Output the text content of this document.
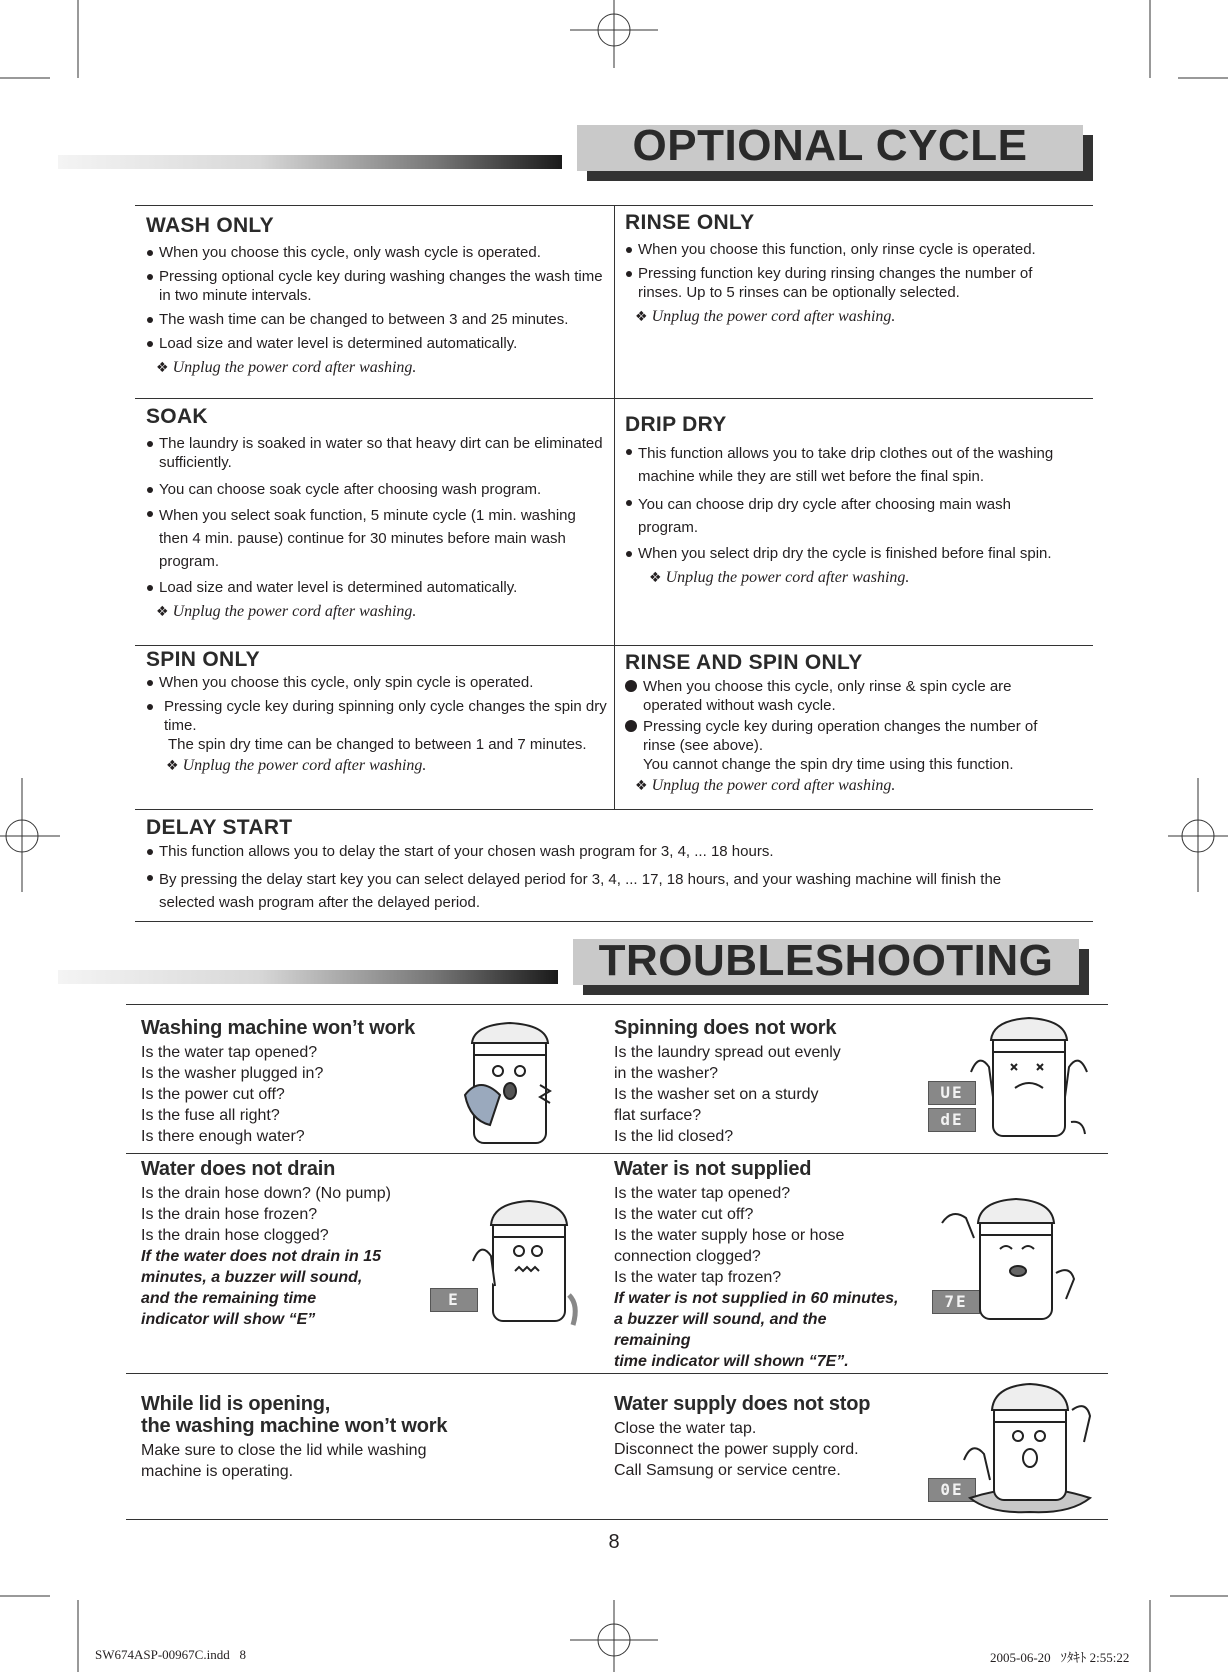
OPTIONAL CYCLE
WASH ONLY
When you choose this cycle, only wash cycle is operated.
Pressing optional cycle key during washing changes the wash time in two minute intervals.
The wash time can be changed to between 3 and 25 minutes.
Load size and water level is determined automatically.
❖ Unplug the power cord after washing.
RINSE ONLY
When you choose this function, only rinse cycle is operated.
Pressing function key during rinsing changes the number of rinses. Up to 5 rinses can be optionally selected.
❖ Unplug the power cord after washing.
SOAK
The laundry is soaked in water so that heavy dirt can be eliminated sufficiently.
You can choose soak cycle after choosing wash program.
When you select soak function, 5 minute cycle (1 min. washing then 4 min. pause) continue for 30 minutes before main wash program.
Load size and water level is determined automatically.
❖ Unplug the power cord after washing.
DRIP DRY
This function allows you to take drip clothes out of the washing machine while they are still wet before the final spin.
You can choose drip dry cycle after choosing main wash program.
When you select drip dry the cycle is finished before final spin.
❖ Unplug the power cord after washing.
SPIN ONLY
When you choose this cycle, only spin cycle is operated.
Pressing cycle key during spinning only cycle changes the spin dry time.
The spin dry time can be changed to between 1 and 7 minutes.
❖ Unplug the power cord after washing.
RINSE AND SPIN ONLY
When you choose this cycle, only rinse & spin cycle are operated without wash cycle.
Pressing cycle key during operation changes the number of rinse (see above).
You cannot change the spin dry time using this function.
❖ Unplug the power cord after washing.
DELAY START
This function allows you to delay the start of your chosen wash program for 3, 4, ... 18 hours.
By pressing the delay start key you can select delayed period for 3, 4, ... 17, 18 hours, and your washing machine will finish the selected wash program after the delayed period.
TROUBLESHOOTING
Washing machine won’t work
Is the water tap opened?
Is the washer plugged in?
Is the power cut off?
Is the fuse all right?
Is there enough water?
Spinning does not work
Is the laundry spread out evenly
in the washer?
Is the washer set on a sturdy
flat surface?
Is the lid closed?
UE
dE
Water does not drain
Is the drain hose down? (No pump)
Is the drain hose frozen?
Is the drain hose clogged?
If the water does not drain in 15
minutes, a buzzer will sound,
and the remaining time
indicator will show “E”
E
Water is not supplied
Is the water tap opened?
Is the water cut off?
Is the water supply hose or hose
connection clogged?
Is the water tap frozen?
If water is not supplied in 60 minutes,
a buzzer will sound, and the
remaining
time indicator will shown “7E”.
7E
While lid is opening,
the washing machine won’t work
Make sure to close the lid while washing
machine is operating.
Water supply does not stop
Close the water tap.
Disconnect the power supply cord.
Call Samsung or service centre.
0E
8
SW674ASP-00967C.indd   8	2005-06-20   ｿﾀｷﾄ 2:55:22
